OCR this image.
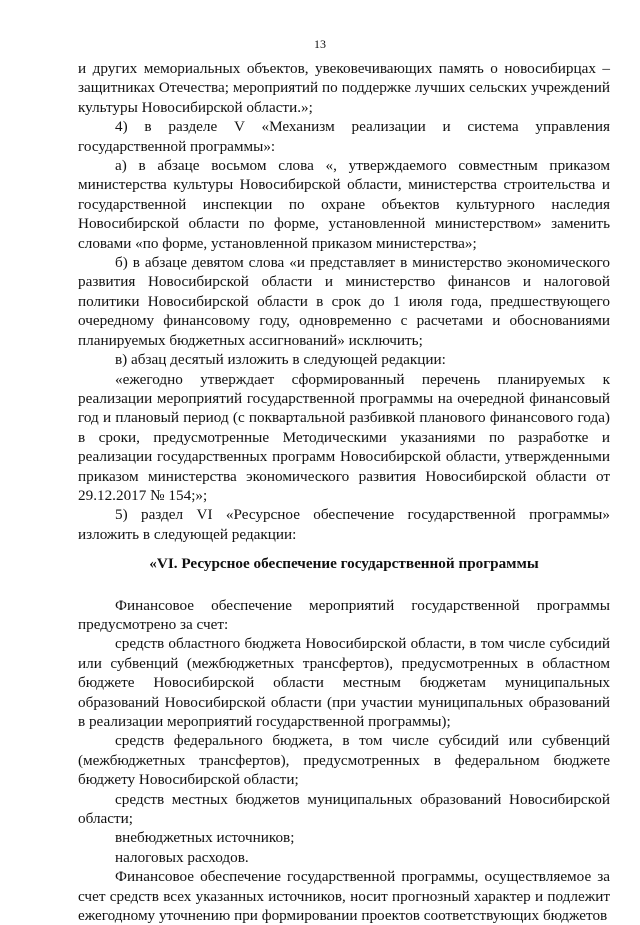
13

и других мемориальных объектов, увековечивающих память о новосибирцах – защитниках Отечества; мероприятий по поддержке лучших сельских учреждений культуры Новосибирской области.»;

4) в разделе V «Механизм реализации и система управления государственной программы»:

а) в абзаце восьмом слова «, утверждаемого совместным приказом министерства культуры Новосибирской области, министерства строительства и государственной инспекции по охране объектов культурного наследия Новосибирской области по форме, установленной министерством» заменить словами «по форме, установленной приказом министерства»;

б) в абзаце девятом слова «и представляет в министерство экономического развития Новосибирской области и министерство финансов и налоговой политики Новосибирской области в срок до 1 июля года, предшествующего очередному финансовому году, одновременно с расчетами и обоснованиями планируемых бюджетных ассигнований» исключить;

в) абзац десятый изложить в следующей редакции:

«ежегодно утверждает сформированный перечень планируемых к реализации мероприятий государственной программы на очередной финансовый год и плановый период (с поквартальной разбивкой планового финансового года) в сроки, предусмотренные Методическими указаниями по разработке и реализации государственных программ Новосибирской области, утвержденными приказом министерства экономического развития Новосибирской области от 29.12.2017 № 154;»;

5) раздел VI «Ресурсное обеспечение государственной программы» изложить в следующей редакции:

«VI. Ресурсное обеспечение государственной программы

Финансовое обеспечение мероприятий государственной программы предусмотрено за счет:

средств областного бюджета Новосибирской области, в том числе субсидий или субвенций (межбюджетных трансфертов), предусмотренных в областном бюджете Новосибирской области местным бюджетам муниципальных образований Новосибирской области (при участии муниципальных образований в реализации мероприятий государственной программы);

средств федерального бюджета, в том числе субсидий или субвенций (межбюджетных трансфертов), предусмотренных в федеральном бюджете бюджету Новосибирской области;

средств местных бюджетов муниципальных образований Новосибирской области;

внебюджетных источников;

налоговых расходов.

Финансовое обеспечение государственной программы, осуществляемое за счет средств всех указанных источников, носит прогнозный характер и подлежит ежегодному уточнению при формировании проектов соответствующих бюджетов
